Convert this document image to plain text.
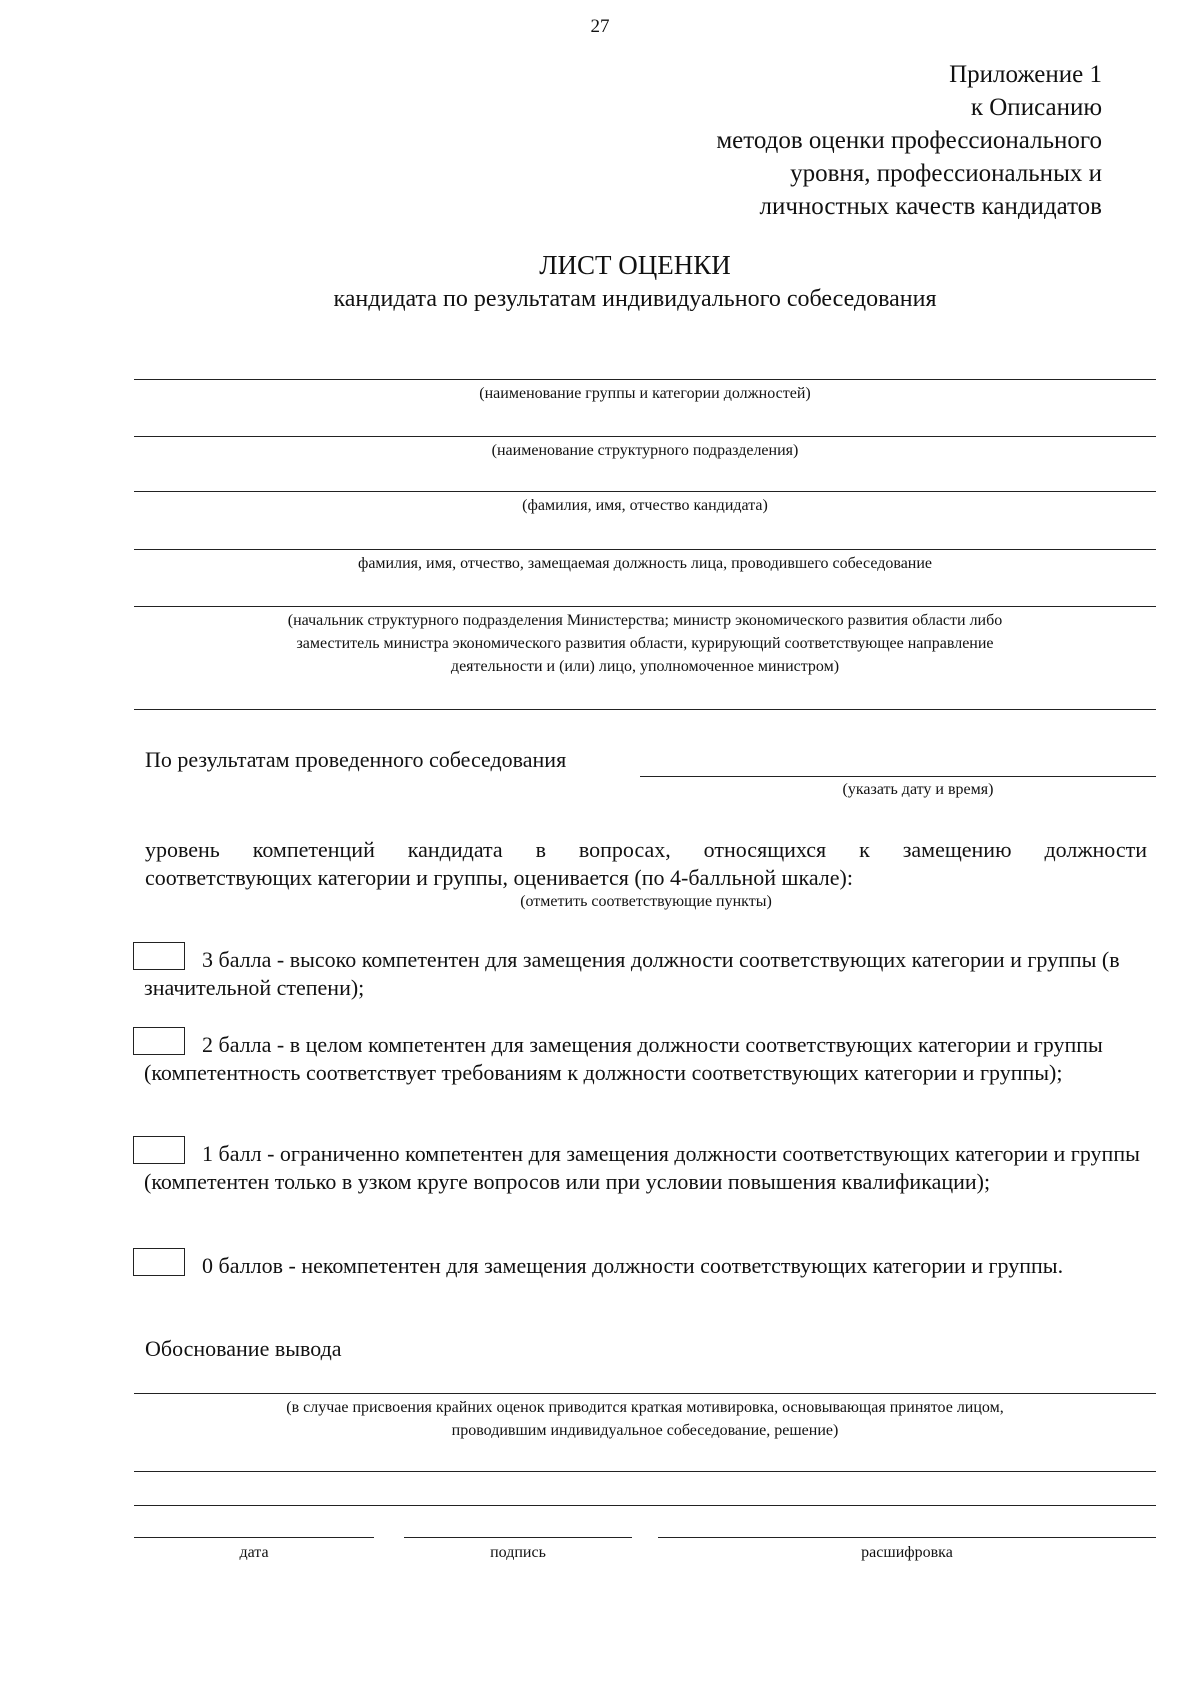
27
Приложение 1
к Описанию
методов оценки профессионального
уровня, профессиональных и
личностных качеств кандидатов
ЛИСТ ОЦЕНКИ
кандидата по результатам индивидуального собеседования
(наименование группы и категории должностей)
(наименование структурного подразделения)
(фамилия, имя, отчество кандидата)
фамилия, имя, отчество, замещаемая должность лица, проводившего собеседование
(начальник структурного подразделения Министерства; министр экономического развития области либо
заместитель министра экономического развития области, курирующий соответствующее направление
деятельности и (или) лицо, уполномоченное министром)
По результатам проведенного собеседования
(указать дату и время)
уровень компетенций кандидата в вопросах, относящихся к замещению должности
соответствующих категории и группы, оценивается (по 4-балльной шкале):
(отметить соответствующие пункты)
3 балла - высоко компетентен для замещения должности соответствующих категории и группы (в значительной степени);
2 балла - в целом компетентен для замещения должности соответствующих категории и группы (компетентность соответствует требованиям к должности соответствующих категории и группы);
1 балл - ограниченно компетентен для замещения должности соответствующих категории и группы (компетентен только в узком круге вопросов или при условии повышения квалификации);
0 баллов - некомпетентен для замещения должности соответствующих категории и группы.
Обоснование вывода
(в случае присвоения крайних оценок приводится краткая мотивировка, основывающая принятое лицом,
проводившим индивидуальное собеседование, решение)
дата	подпись	расшифровка
